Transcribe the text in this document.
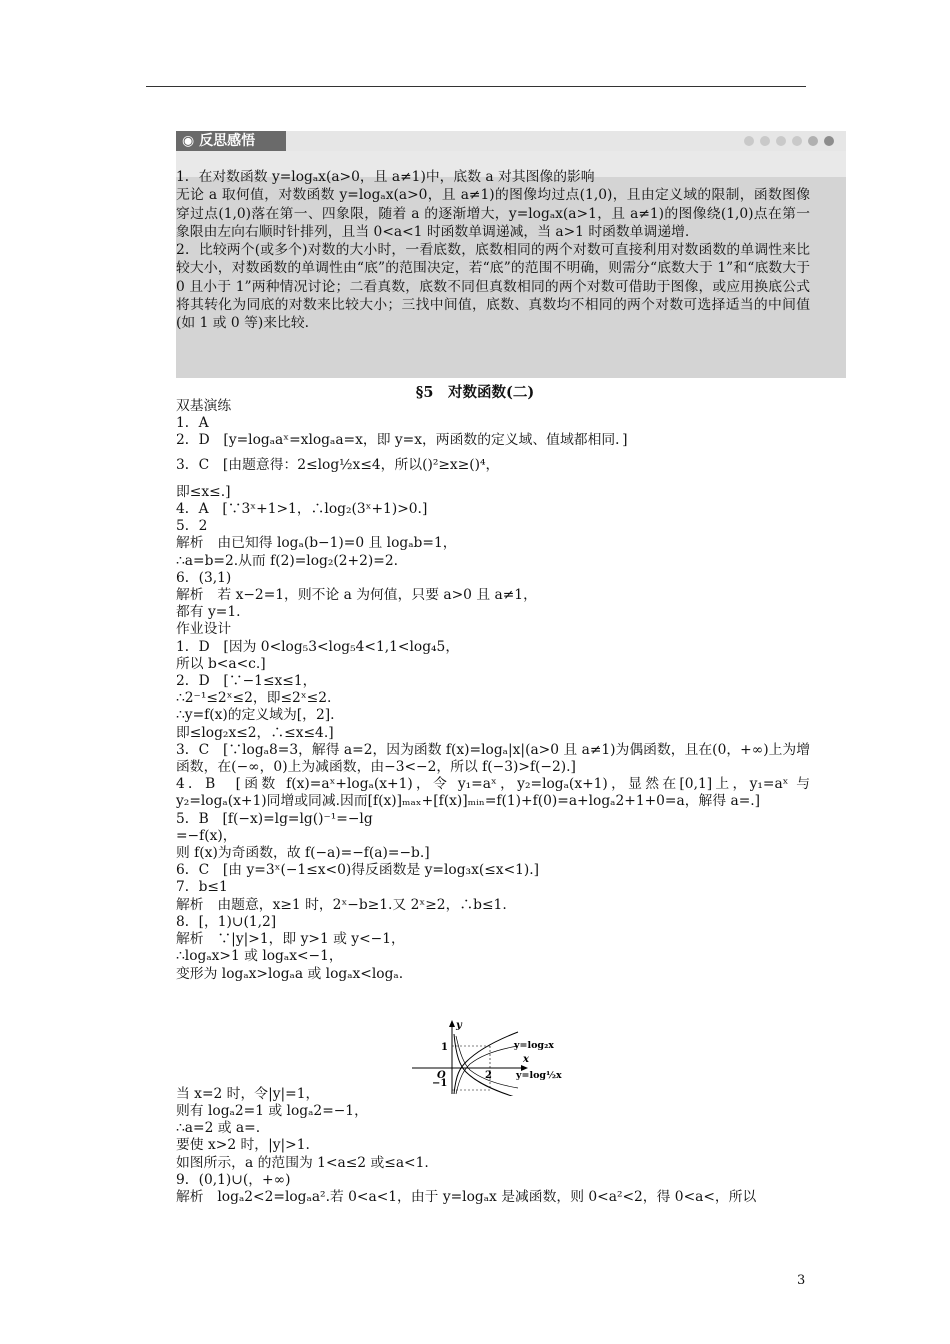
◉ 反思感悟

1．在对数函数 y=logₐx(a>0，且 a≠1)中，底数 a 对其图像的影响

无论 a 取何值，对数函数 y=logₐx(a>0，且 a≠1)的图像均过点(1,0)，且由定义域的限制，函数图像穿过点(1,0)落在第一、四象限，随着 a 的逐渐增大，y=logₐx(a>1，且 a≠1)的图像绕(1,0)点在第一象限由左向右顺时针排列，且当 0<a<1 时函数单调递减，当 a>1 时函数单调递增.

2．比较两个(或多个)对数的大小时，一看底数，底数相同的两个对数可直接利用对数函数的单调性来比较大小，对数函数的单调性由“底”的范围决定，若“底”的范围不明确，则需分“底数大于 1”和“底数大于 0 且小于 1”两种情况讨论；二看真数，底数不同但真数相同的两个对数可借助于图像，或应用换底公式将其转化为同底的对数来比较大小；三找中间值，底数、真数均不相同的两个对数可选择适当的中间值(如 1 或 0 等)来比较.

§5　对数函数(二)
双基演练
1．A
2．D　[y=logₐaˣ=xlogₐa=x，即 y=x，两函数的定义域、值域都相同．]
3．C　[由题意得：2≤log½x≤4，所以()²≥x≥()⁴，
即≤x≤.]
4．A　[∵3ˣ+1>1，∴log₂(3ˣ+1)>0.]
5．2
解析　由已知得 logₐ(b−1)=0 且 logₐb=1，
∴a=b=2.从而 f(2)=log₂(2+2)=2.
6．(3,1)
解析　若 x−2=1，则不论 a 为何值，只要 a>0 且 a≠1，
都有 y=1.
作业设计
1．D　[因为 0<log₅3<log₅4<1,1<log₄5，
所以 b<a<c.]
2．D　[∵−1≤x≤1，
∴2⁻¹≤2ˣ≤2，即≤2ˣ≤2.
∴y=f(x)的定义域为[，2].
即≤log₂x≤2，∴≤x≤4.]
3．C　[∵logₐ8=3，解得 a=2，因为函数 f(x)=logₐ|x|(a>0 且 a≠1)为偶函数，且在(0，+∞)上为增函数，在(−∞，0)上为减函数，由−3<−2，所以 f(−3)>f(−2).]
4．B　[函数 f(x)=aˣ+logₐ(x+1)，令 y₁=aˣ，y₂=logₐ(x+1)，显然在[0,1]上，y₁=aˣ 与 y₂=logₐ(x+1)同增或同减.因而[f(x)]ₘₐₓ+[f(x)]ₘᵢₙ=f(1)+f(0)=a+logₐ2+1+0=a，解得 a=.]
5．B　[f(−x)=lg=lg()⁻¹=−lg
=−f(x)，
则 f(x)为奇函数，故 f(−a)=−f(a)=−b.]
6．C　[由 y=3ˣ(−1≤x<0)得反函数是 y=log₃x(≤x<1).]
7．b≤1
解析　由题意，x≥1 时，2ˣ−b≥1.又 2ˣ≥2，∴b≤1.
8．[，1)∪(1,2]
解析　∵|y|>1，即 y>1 或 y<−1，
∴logₐx>1 或 logₐx<−1，
变形为 logₐx>logₐa 或 logₐx<logₐ.
当 x=2 时，令|y|=1，
则有 logₐ2=1 或 logₐ2=−1，
∴a=2 或 a=.
要使 x>2 时，|y|>1.
如图所示，a 的范围为 1<a≤2 或≤a<1.
9．(0,1)∪(，+∞)
解析　logₐ2<2=logₐa².若 0<a<1，由于 y=logₐx 是减函数，则 0<a²<2，得 0<a<，所以
x
y
O
1
−1
2
y=log₂x
y=log½x
3
